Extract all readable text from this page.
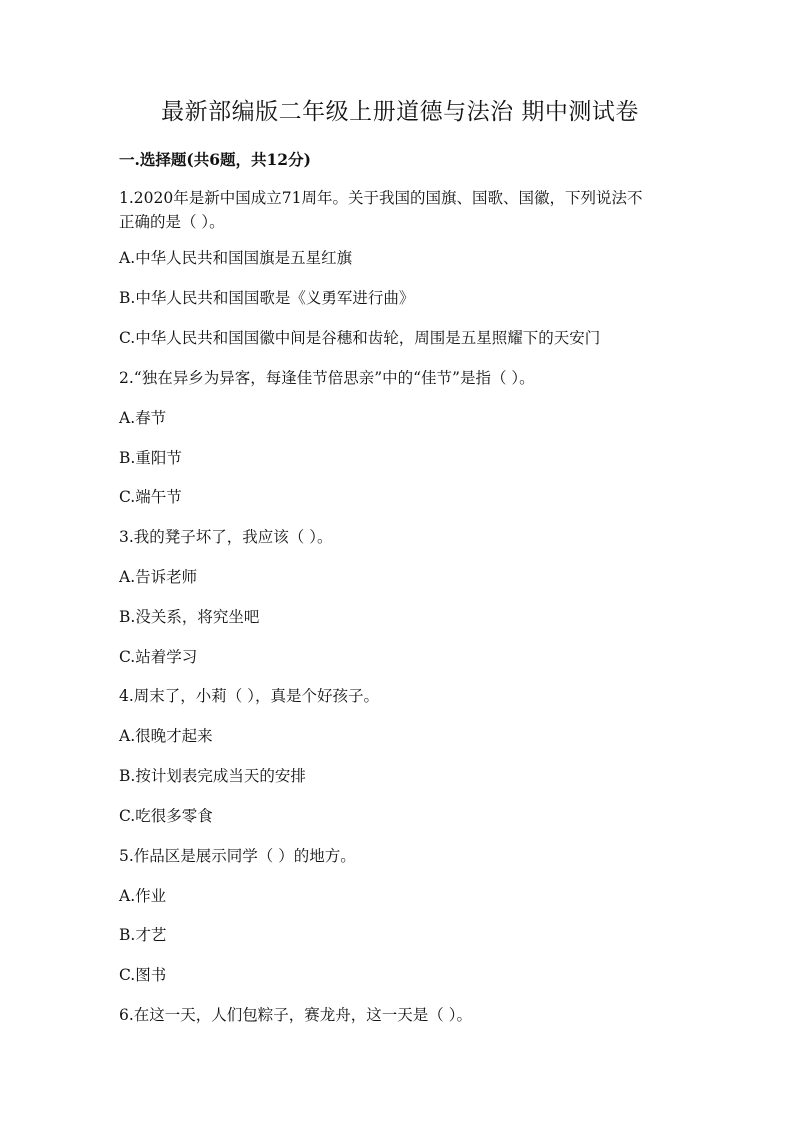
最新部编版二年级上册道德与法治 期中测试卷
一.选择题(共6题，共12分)
1.2020年是新中国成立71周年。关于我国的国旗、国歌、国徽，下列说法不
正确的是（ ）。
A.中华人民共和国国旗是五星红旗
B.中华人民共和国国歌是《义勇军进行曲》
C.中华人民共和国国徽中间是谷穗和齿轮，周围是五星照耀下的天安门
2.“独在异乡为异客，每逢佳节倍思亲”中的“佳节”是指（ ）。
A.春节
B.重阳节
C.端午节
3.我的凳子坏了，我应该（ ）。
A.告诉老师
B.没关系，将究坐吧
C.站着学习
4.周末了，小莉（ ），真是个好孩子。
A.很晚才起来
B.按计划表完成当天的安排
C.吃很多零食
5.作品区是展示同学（ ）的地方。
A.作业
B.才艺
C.图书
6.在这一天，人们包粽子，赛龙舟，这一天是（ ）。
